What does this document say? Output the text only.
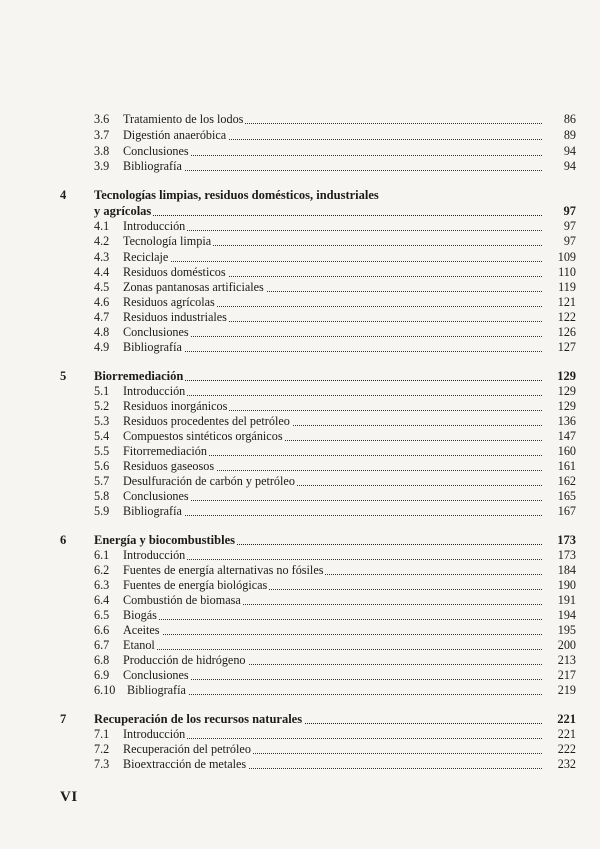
3.6 Tratamiento de los lodos	86
3.7 Digestión anaeróbica	89
3.8 Conclusiones	94
3.9 Bibliografía	94
4 Tecnologías limpias, residuos domésticos, industriales
y agrícolas	97
4.1 Introducción	97
4.2 Tecnología limpia	97
4.3 Reciclaje	109
4.4 Residuos domésticos	110
4.5 Zonas pantanosas artificiales	119
4.6 Residuos agrícolas	121
4.7 Residuos industriales	122
4.8 Conclusiones	126
4.9 Bibliografía	127
5 Biorremediación	129
5.1 Introducción	129
5.2 Residuos inorgánicos	129
5.3 Residuos procedentes del petróleo	136
5.4 Compuestos sintéticos orgánicos	147
5.5 Fitorremediación	160
5.6 Residuos gaseosos	161
5.7 Desulfuración de carbón y petróleo	162
5.8 Conclusiones	165
5.9 Bibliografía	167
6 Energía y biocombustibles	173
6.1 Introducción	173
6.2 Fuentes de energía alternativas no fósiles	184
6.3 Fuentes de energía biológicas	190
6.4 Combustión de biomasa	191
6.5 Biogás	194
6.6 Aceites	195
6.7 Etanol	200
6.8 Producción de hidrógeno	213
6.9 Conclusiones	217
6.10 Bibliografía	219
7 Recuperación de los recursos naturales	221
7.1 Introducción	221
7.2 Recuperación del petróleo	222
7.3 Bioextracción de metales	232
VI
